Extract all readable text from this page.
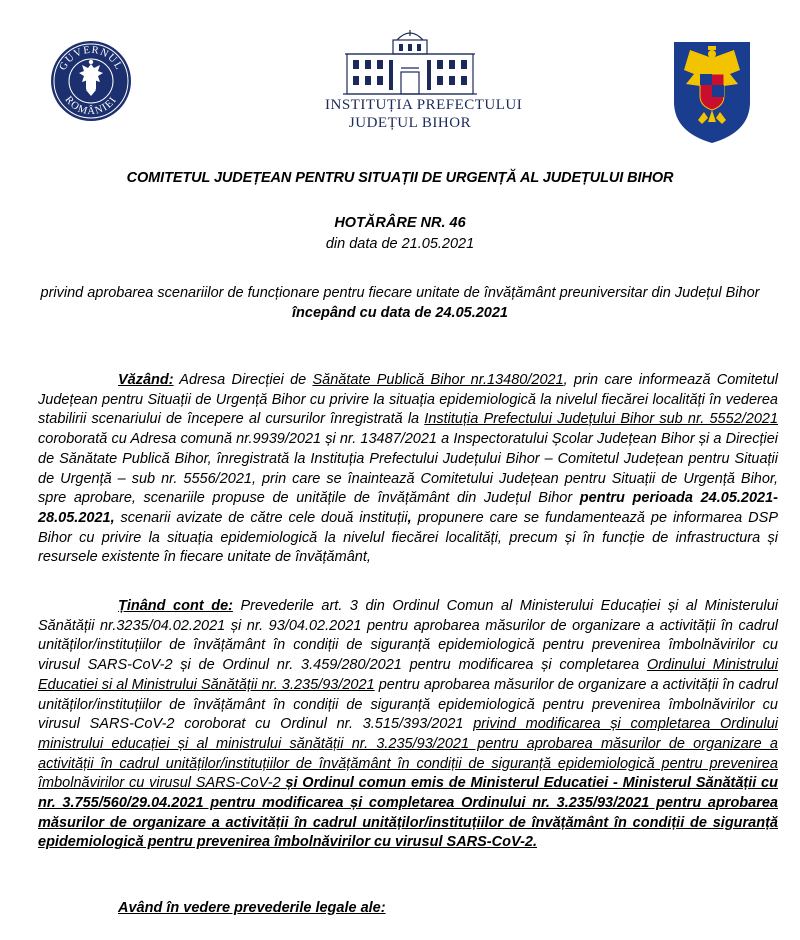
GUVERNUL
ROMÂNIEI	INSTITUȚIA PREFECTULUI
JUDEȚUL BIHOR
COMITETUL JUDEȚEAN PENTRU SITUAȚII DE URGENȚĂ AL JUDEȚULUI BIHOR
HOTĂRÂRE NR. 46
din data de 21.05.2021
privind aprobarea scenariilor de funcționare pentru fiecare unitate de învățământ preuniversitar din Județul Bihor
începând cu data de 24.05.2021
Văzând: Adresa Direcției de Sănătate Publică Bihor nr.13480/2021, prin care informează Comitetul Județean pentru Situații de Urgență Bihor cu privire la situația epidemiologică la nivelul fiecărei localități în vederea stabilirii scenariului de începere al cursurilor înregistrată la Instituția Prefectului Județului Bihor sub nr. 5552/2021 coroborată cu Adresa comună nr.9939/2021 și nr. 13487/2021 a Inspectoratului Școlar Județean Bihor și a Direcției de Sănătate Publică Bihor, înregistrată la Instituția Prefectului Județului Bihor – Comitetul Județean pentru Situații de Urgență – sub nr. 5556/2021, prin care se înaintează Comitetului Județean pentru Situații de Urgență Bihor, spre aprobare, scenariile propuse de unitățile de învățământ din Județul Bihor pentru perioada 24.05.2021-28.05.2021, scenarii avizate de către cele două instituții, propunere care se fundamentează pe informarea DSP Bihor cu privire la situația epidemiologică la nivelul fiecărei localități, precum și în funcție de infrastructura și resursele existente în fiecare unitate de învățământ,
Ținând cont de: Prevederile art. 3 din Ordinul Comun al Ministerului Educației și al Ministerului Sănătății nr.3235/04.02.2021 și nr. 93/04.02.2021 pentru aprobarea măsurilor de organizare a activității în cadrul unităților/instituțiilor de învățământ în condiții de siguranță epidemiologică pentru prevenirea îmbolnăvirilor cu virusul SARS-CoV-2 și de Ordinul nr. 3.459/280/2021 pentru modificarea și completarea Ordinului Ministrului Educatiei si al Ministrului Sănătății nr. 3.235/93/2021 pentru aprobarea măsurilor de organizare a activității în cadrul unităților/instituțiilor de învățământ în condiții de siguranță epidemiologică pentru prevenirea îmbolnăvirilor cu virusul SARS-CoV-2 coroborat cu Ordinul nr. 3.515/393/2021 privind modificarea și completarea Ordinului ministrului educației și al ministrului sănătății nr. 3.235/93/2021 pentru aprobarea măsurilor de organizare a activității în cadrul unităților/instituțiilor de învățământ în condiții de siguranță epidemiologică pentru prevenirea îmbolnăvirilor cu virusul SARS-CoV-2 și Ordinul comun emis de Ministerul Educatiei - Ministerul Sănătății cu nr. 3.755/560/29.04.2021 pentru modificarea și completarea Ordinului nr. 3.235/93/2021 pentru aprobarea măsurilor de organizare a activității în cadrul unităților/instituțiilor de învățământ în condiții de siguranță epidemiologică pentru prevenirea îmbolnăvirilor cu virusul SARS-CoV-2.
Având în vedere prevederile legale ale:
